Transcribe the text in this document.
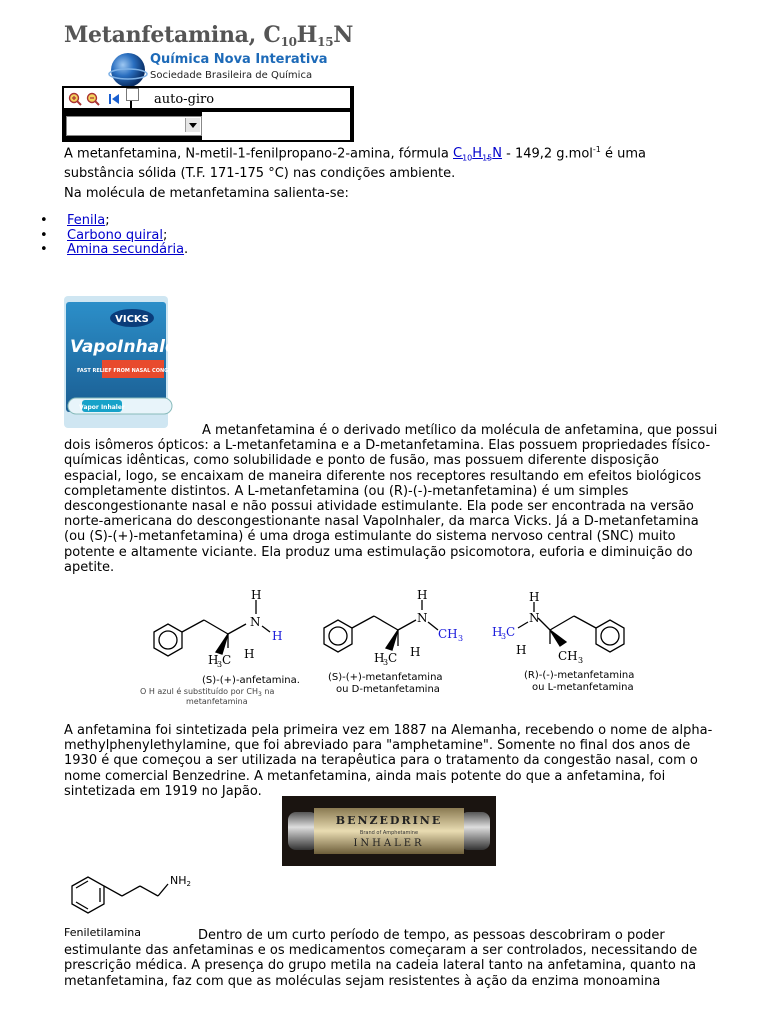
Metanfetamina, $C_{10}H_{15}N$
Química Nova Interativa
Sociedade Brasileira de Química
auto-giro

A metanfetamina, N-metil-1-fenilpropano-2-amina, fórmula $C_{10}H_{15}N - 149,2$ g.mol$^{-1}$ é uma
substância sólida (T.F. 171-175 °C) nas condições ambiente.

Na molécula de metanfetamina salienta-se:

• Fenila;
• Carbono quiral;
• Amina secundária.
VICKS
VapoInhaler
FAST RELIEF FROM NASAL CONGESTION
Vapor Inhaler

A metanfetamina é o derivado metílico da molécula de anfetamina, que possui
dois isômeros ópticos: a L-metanfetamina e a D-metanfetamina. Elas possuem propriedades físico-
químicas idênticas, como solubilidade e ponto de fusão, mas possuem diferente disposição
espacial, logo, se encaixam de maneira diferente nos receptores resultando em efeitos biológicos
completamente distintos. A L-metanfetamina (ou (R)-(-)-metanfetamina) é um simples
descongestionante nasal e não possui atividade estimulante. Ela pode ser encontrada na versão
norte-americana do descongestionante nasal VapoInhaler, da marca Vicks. Já a D-metanfetamina
(ou (S)-(+)-metanfetamina) é uma droga estimulante do sistema nervoso central (SNC) muito
potente e altamente viciante. Ela produz uma estimulação psicomotora, euforia e diminuição do
apetite.

H
N
H
H
3 C H
H
N
CH 3
H
3 C H
H
N
H
3 C
H	CH 3
(S)-(+)-anfetamina.
O H azul é substituído por $CH_3$ na
metanfetamina
(S)-(+)-metanfetamina
ou D-metanfetamina
(R)-(-)-metanfetamina
ou L-metanfetamina

A anfetamina foi sintetizada pela primeira vez em 1887 na Alemanha, recebendo o nome de alpha-
methylphenylethylamine, que foi abreviado para "amphetamine". Somente no final dos anos de
1930 é que começou a ser utilizada na terapêutica para o tratamento da congestão nasal, com o
nome comercial Benzedrine. A metanfetamina, ainda mais potente do que a anfetamina, foi
sintetizada em 1919 no Japão.

BENZEDRINE
Brand of Amphetamine
INHALER
NH2
Feniletilamina	Dentro de um curto período de tempo, as pessoas descobriram o poder
estimulante das anfetaminas e os medicamentos começaram a ser controlados, necessitando de
prescrição médica. A presença do grupo metila na cadeia lateral tanto na anfetamina, quanto na
metanfetamina, faz com que as moléculas sejam resistentes à ação da enzima monoamina
